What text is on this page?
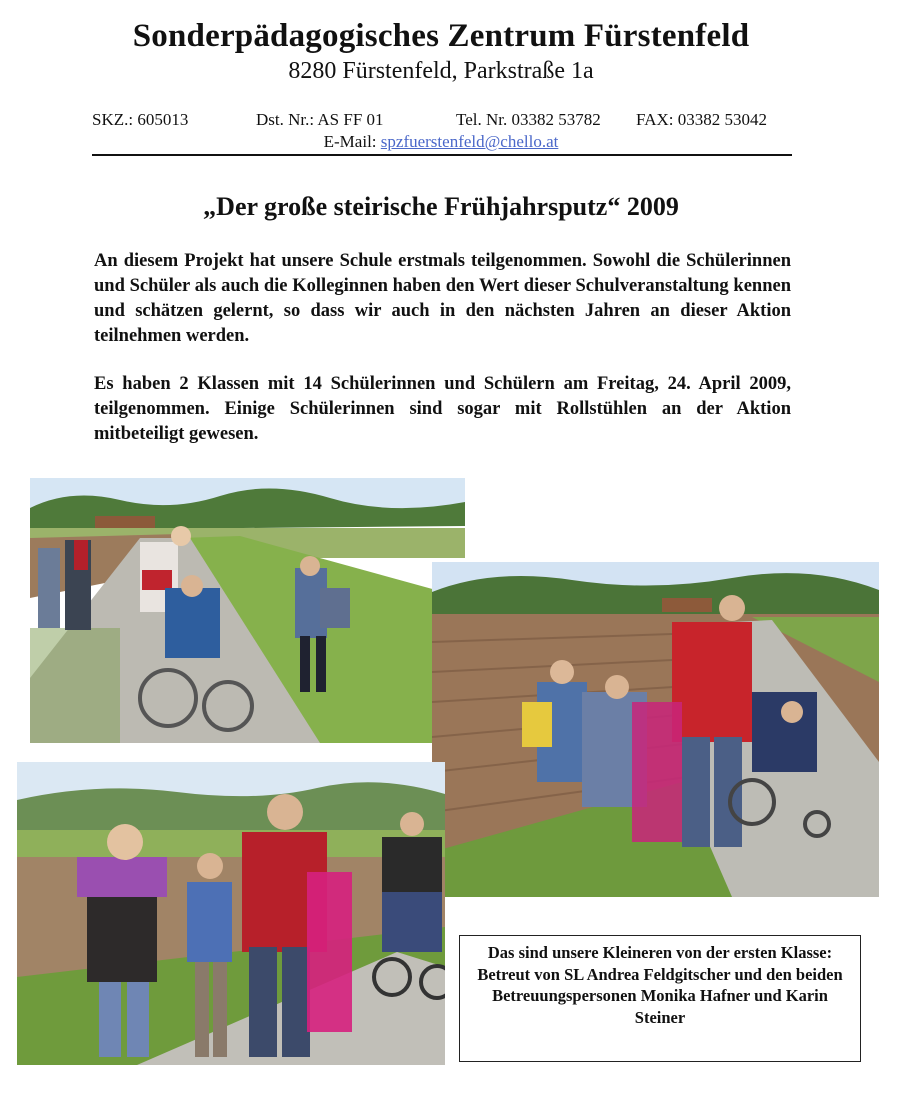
Sonderpädagogisches Zentrum Fürstenfeld
8280 Fürstenfeld, Parkstraße 1a
SKZ.: 605013	Dst. Nr.: AS FF 01	Tel. Nr. 03382 53782 FAX: 03382 53042
E-Mail: spzfuerstenfeld@chello.at
„Der große steirische Frühjahrsputz“ 2009

An diesem Projekt hat unsere Schule erstmals teilgenommen. Sowohl die Schülerinnen und Schüler als auch die Kolleginnen haben den Wert dieser Schulveranstaltung kennen und schätzen gelernt, so dass wir auch in den nächsten Jahren an dieser Aktion teilnehmen werden.

Es haben 2 Klassen mit 14 Schülerinnen und Schülern am Freitag, 24. April 2009, teilgenommen. Einige Schülerinnen sind sogar mit Rollstühlen an der Aktion mitbeteiligt gewesen.

Das sind unsere Kleineren von der ersten Klasse:
Betreut von SL Andrea Feldgitscher und den beiden Betreuungspersonen Monika Hafner und Karin Steiner
